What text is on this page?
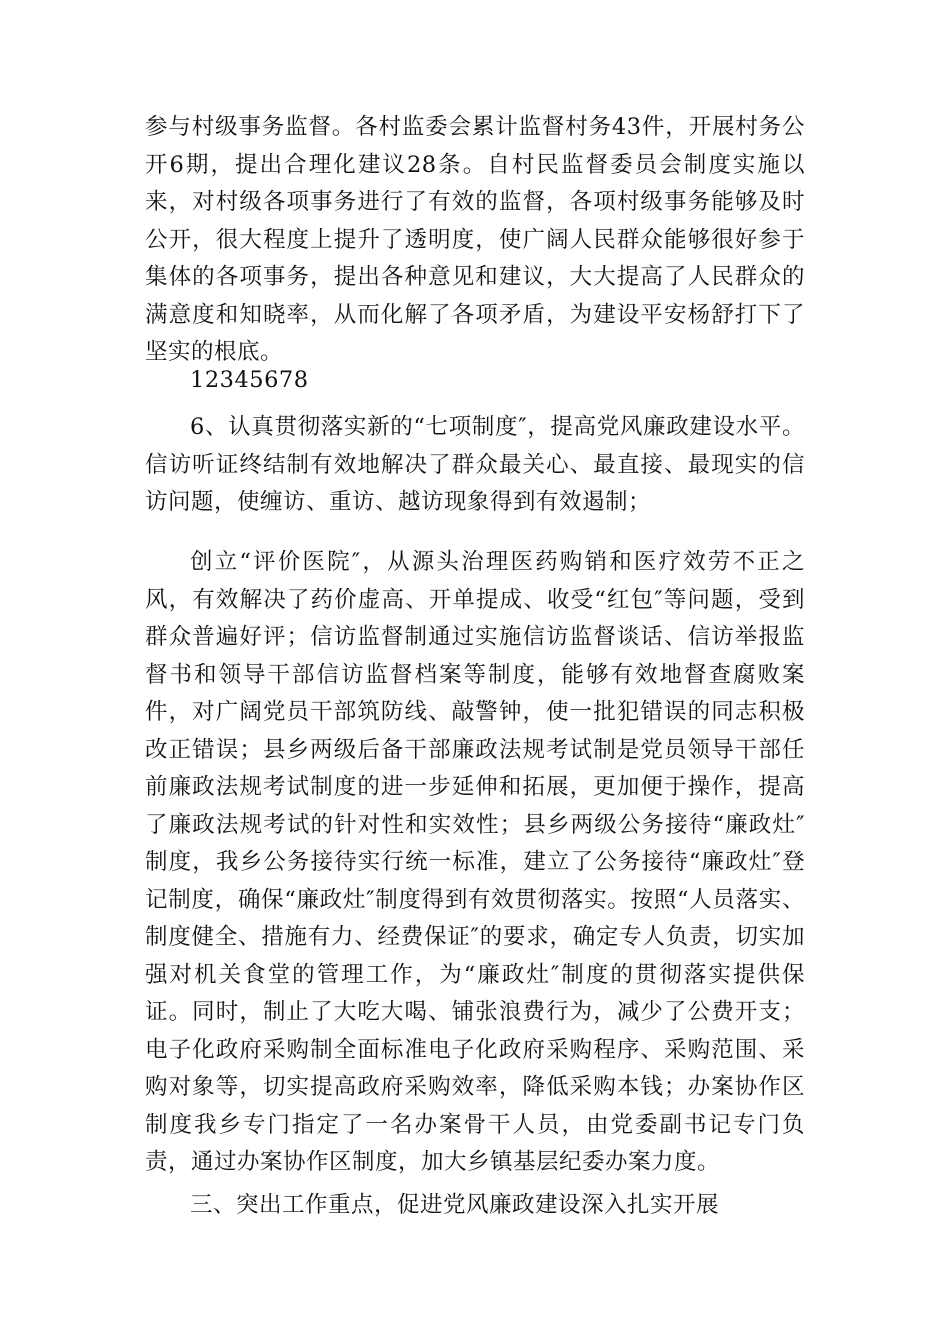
参与村级事务监督。各村监委会累计监督村务43件，开展村务公开6期，提出合理化建议28条。自村民监督委员会制度实施以来，对村级各项事务进行了有效的监督，各项村级事务能够及时公开，很大程度上提升了透明度，使广阔人民群众能够很好参于集体的各项事务，提出各种意见和建议，大大提高了人民群众的满意度和知晓率，从而化解了各项矛盾，为建设平安杨舒打下了坚实的根底。

12345678

6、认真贯彻落实新的“七项制度″，提高党风廉政建设水平。信访听证终结制有效地解决了群众最关心、最直接、最现实的信访问题，使缠访、重访、越访现象得到有效遏制；

创立“评价医院″，从源头治理医药购销和医疗效劳不正之风，有效解决了药价虚高、开单提成、收受“红包″等问题，受到群众普遍好评；信访监督制通过实施信访监督谈话、信访举报监督书和领导干部信访监督档案等制度，能够有效地督查腐败案件，对广阔党员干部筑防线、敲警钟，使一批犯错误的同志积极改正错误；县乡两级后备干部廉政法规考试制是党员领导干部任前廉政法规考试制度的进一步延伸和拓展，更加便于操作，提高了廉政法规考试的针对性和实效性；县乡两级公务接待“廉政灶″制度，我乡公务接待实行统一标准，建立了公务接待“廉政灶″登记制度，确保“廉政灶″制度得到有效贯彻落实。按照“人员落实、制度健全、措施有力、经费保证″的要求，确定专人负责，切实加强对机关食堂的管理工作，为“廉政灶″制度的贯彻落实提供保证。同时，制止了大吃大喝、铺张浪费行为，减少了公费开支；电子化政府采购制全面标准电子化政府采购程序、采购范围、采购对象等，切实提高政府采购效率，降低采购本钱；办案协作区制度我乡专门指定了一名办案骨干人员，由党委副书记专门负责，通过办案协作区制度，加大乡镇基层纪委办案力度。

三、突出工作重点，促进党风廉政建设深入扎实开展
